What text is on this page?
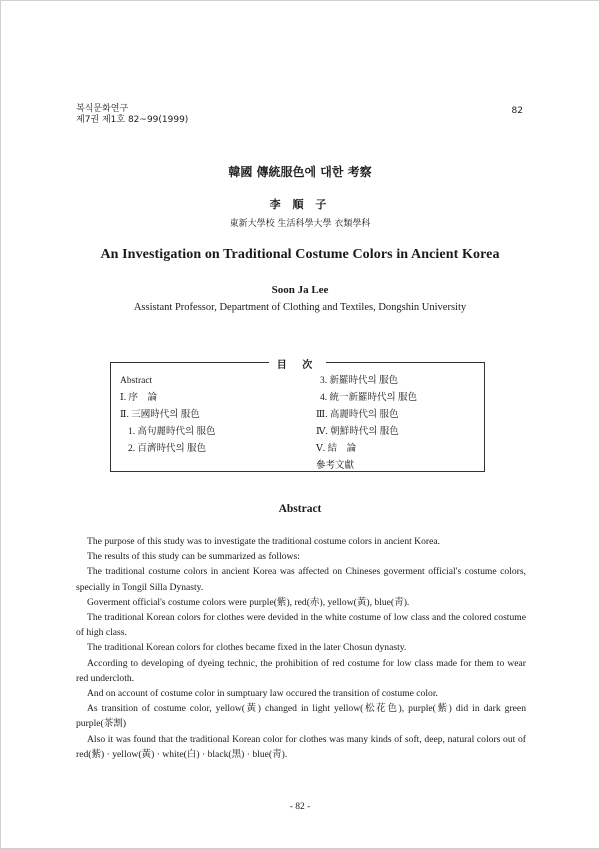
복식문화연구
제7권 제1호 82~99(1999)
82
韓國 傳統服色에 대한 考察
李 順 子
東新大學校 生活科學大學 衣類學科
An Investigation on Traditional Costume Colors in Ancient Korea
Soon Ja Lee
Assistant Professor, Department of Clothing and Textiles, Dongshin University
目 次
Abstract
Ⅰ. 序　論
Ⅱ. 三國時代의 服色
1. 高句麗時代의 服色
2. 百濟時代의 服色
3. 新羅時代의 服色
4. 統一新羅時代의 服色
Ⅲ. 高麗時代의 服色
Ⅳ. 朝鮮時代의 服色
Ⅴ. 結　論
參考文獻
Abstract

The purpose of this study was to investigate the traditional costume colors in ancient Korea.

The results of this study can be summarized as follows:

The traditional costume colors in ancient Korea was affected on Chineses goverment official's costume colors, specially in Tongil Silla Dynasty.

Goverment official's costume colors were purple(紫), red(赤), yellow(黃), blue(靑).

The traditional Korean colors for clothes were devided in the white costume of low class and the colored costume of high class.

The traditional Korean colors for clothes became fixed in the later Chosun dynasty.

According to developing of dyeing technic, the prohibition of red costume for low class made for them to wear red undercloth.

And on account of costume color in sumptuary law occured the transition of costume color.

As transition of costume color, yellow(黃) changed in light yellow(松花色), purple(紫) did in dark green purple(茶割)

Also it was found that the traditional Korean color for clothes was many kinds of soft, deep, natural colors out of red(紫) · yellow(黃) · white(白) · black(黑) · blue(靑).

- 82 -
